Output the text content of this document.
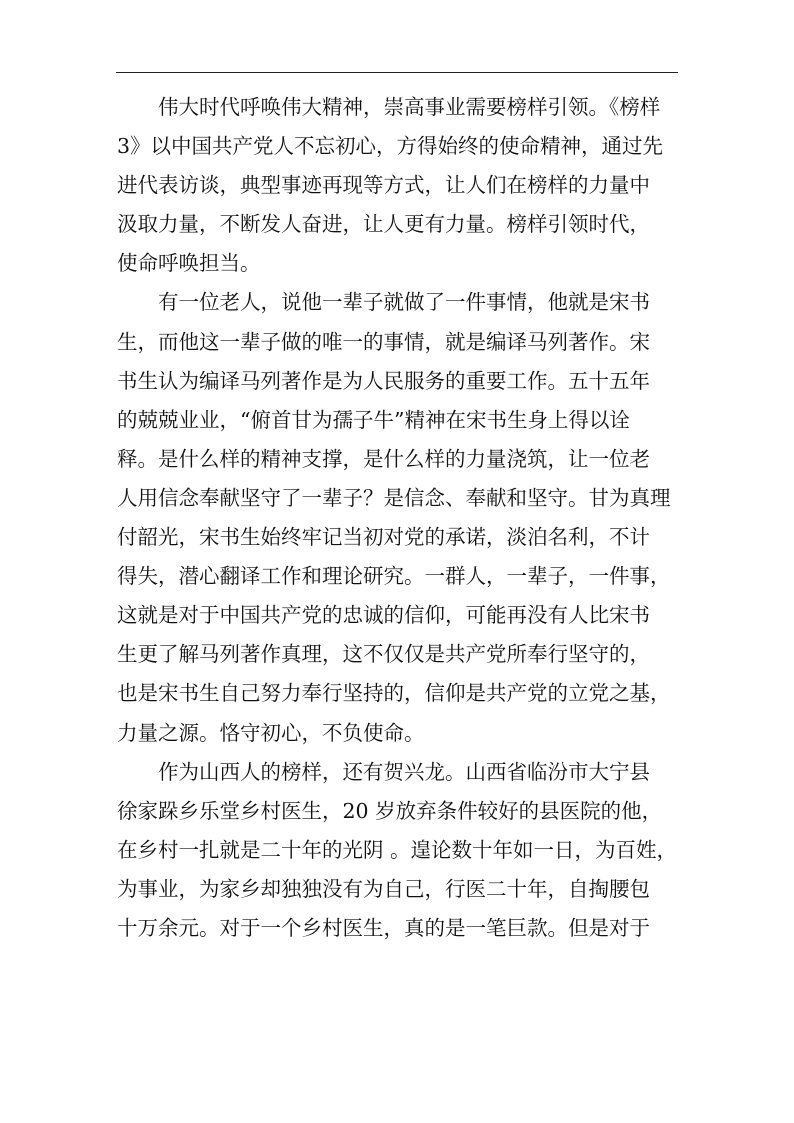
伟大时代呼唤伟大精神，崇高事业需要榜样引领。《榜样
3》以中国共产党人不忘初心，方得始终的使命精神，通过先
进代表访谈，典型事迹再现等方式，让人们在榜样的力量中
汲取力量，不断发人奋进，让人更有力量。榜样引领时代，
使命呼唤担当。
有一位老人，说他一辈子就做了一件事情，他就是宋书
生，而他这一辈子做的唯一的事情，就是编译马列著作。宋
书生认为编译马列著作是为人民服务的重要工作。五十五年
的兢兢业业，“俯首甘为孺子牛”精神在宋书生身上得以诠
释。是什么样的精神支撑，是什么样的力量浇筑，让一位老
人用信念奉献坚守了一辈子？是信念、奉献和坚守。甘为真理
付韶光，宋书生始终牢记当初对党的承诺，淡泊名利，不计
得失，潜心翻译工作和理论研究。一群人，一辈子，一件事，
这就是对于中国共产党的忠诚的信仰，可能再没有人比宋书
生更了解马列著作真理，这不仅仅是共产党所奉行坚守的，
也是宋书生自己努力奉行坚持的，信仰是共产党的立党之基，
力量之源。恪守初心，不负使命。
作为山西人的榜样，还有贺兴龙。山西省临汾市大宁县
徐家跺乡乐堂乡村医生，20 岁放弃条件较好的县医院的他，
在乡村一扎就是二十年的光阴 。遑论数十年如一日，为百姓，
为事业，为家乡却独独没有为自己，行医二十年，自掏腰包
十万余元。对于一个乡村医生，真的是一笔巨款。但是对于
